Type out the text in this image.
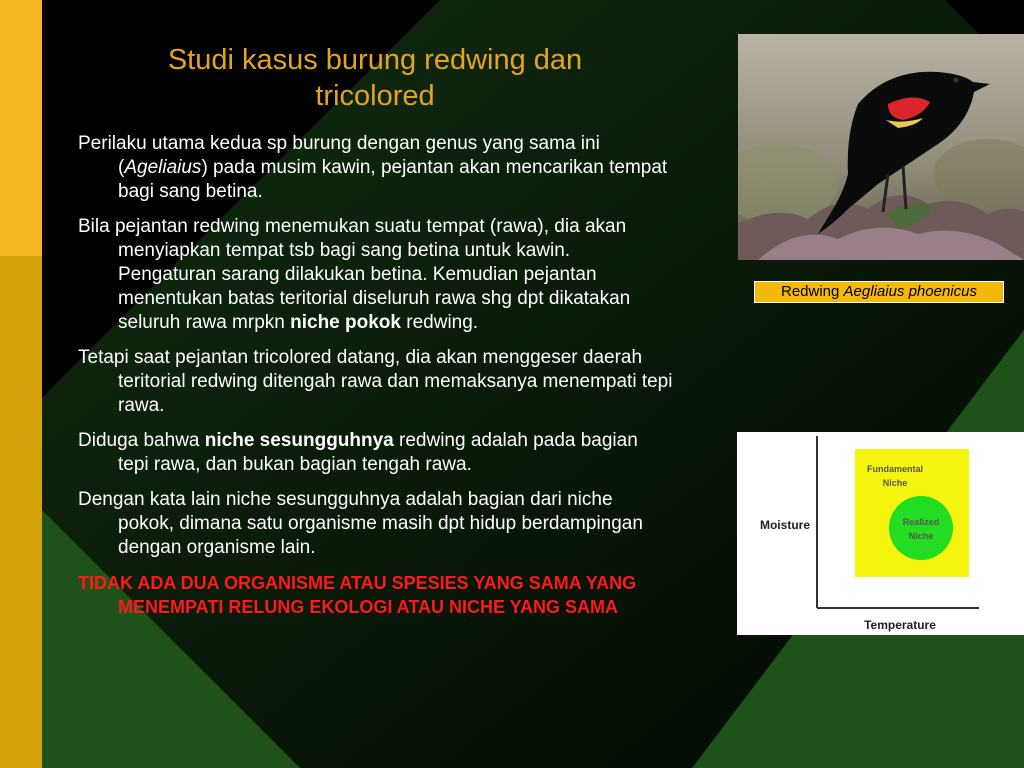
Studi kasus burung redwing dan tricolored

Perilaku utama kedua sp burung dengan genus yang sama ini (Ageliaius) pada musim kawin, pejantan akan mencarikan tempat bagi sang betina.

Bila pejantan redwing menemukan suatu tempat (rawa), dia akan menyiapkan tempat tsb bagi sang betina untuk kawin. Pengaturan sarang dilakukan betina. Kemudian pejantan menentukan batas teritorial diseluruh rawa shg dpt dikatakan seluruh rawa mrpkn niche pokok redwing.

Tetapi saat pejantan tricolored datang, dia akan menggeser daerah teritorial redwing ditengah rawa dan memaksanya menempati tepi rawa.

Diduga bahwa niche sesungguhnya redwing adalah pada bagian tepi rawa, dan bukan bagian tengah rawa.

Dengan kata lain niche sesungguhnya adalah bagian dari niche pokok, dimana satu organisme masih dpt hidup berdampingan dengan organisme lain.

TIDAK ADA DUA ORGANISME ATAU SPESIES YANG SAMA YANG MENEMPATI RELUNG EKOLOGI ATAU NICHE YANG SAMA

Redwing Aegliaius phoenicus
Moisture
Temperature
Fundamental
Niche
Realized
Niche
